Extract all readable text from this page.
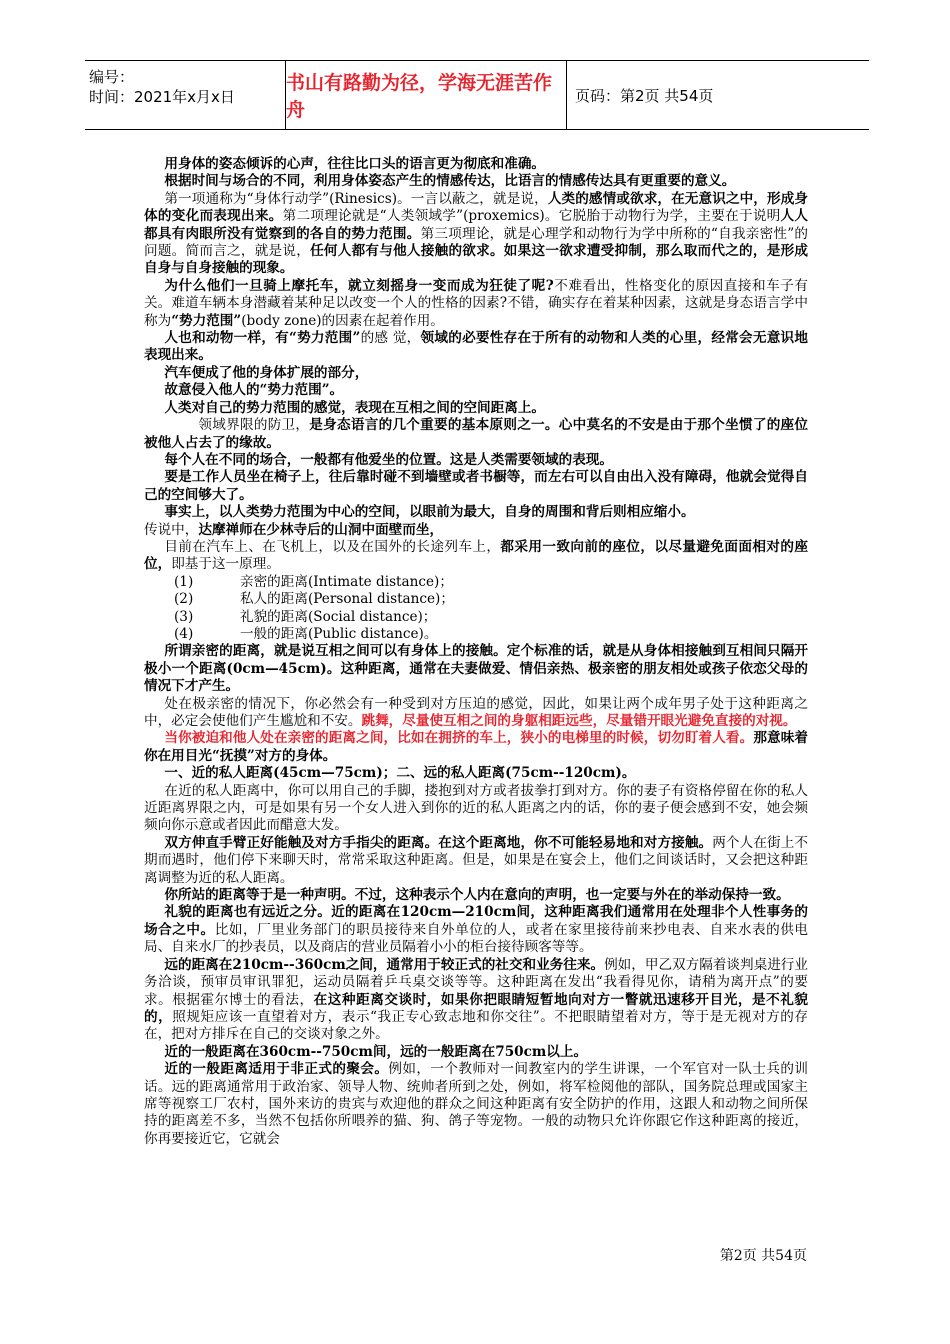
编号：
时间：2021年x月x日
书山有路勤为径，学海无涯苦作舟
页码：第2页 共54页

用身体的姿态倾诉的心声，往往比口头的语言更为彻底和准确。

根据时间与场合的不同，利用身体姿态产生的情感传达，比语言的情感传达具有更重要的意义。

第一项通称为“身体行动学”(Rinesics)。一言以蔽之，就是说，人类的感情或欲求，在无意识之中，形成身体的变化而表现出来。第二项理论就是“人类领域学”(proxemics)。它脱胎于动物行为学，主要在于说明人人都具有肉眼所没有觉察到的各自的势力范围。第三项理论，就是心理学和动物行为学中所称的“自我亲密性”的问题。简而言之，就是说，任何人都有与他人接触的欲求。如果这一欲求遭受抑制，那么取而代之的，是形成自身与自身接触的现象。

为什么他们一旦骑上摩托车，就立刻摇身一变而成为狂徒了呢?不难看出，性格变化的原因直接和车子有关。难道车辆本身潜藏着某种足以改变一个人的性格的因素?不错，确实存在着某种因素，这就是身态语言学中称为“势力范围”(body zone)的因素在起着作用。

人也和动物一样，有“势力范围”的感 觉，领域的必要性存在于所有的动物和人类的心里，经常会无意识地表现出来。

汽车便成了他的身体扩展的部分，

故意侵入他人的“势力范围”。

人类对自己的势力范围的感觉，表现在互相之间的空间距离上。

领域界限的防卫，是身态语言的几个重要的基本原则之一。心中莫名的不安是由于那个坐惯了的座位被他人占去了的缘故。

每个人在不同的场合，一般都有他爱坐的位置。这是人类需要领域的表现。

要是工作人员坐在椅子上，往后靠时碰不到墙壁或者书橱等，而左右可以自由出入没有障碍，他就会觉得自己的空间够大了。

事实上，以人类势力范围为中心的空间，以眼前为最大，自身的周围和背后则相应缩小。

传说中，达摩禅师在少林寺后的山洞中面壁而坐，

目前在汽车上、在飞机上，以及在国外的长途列车上，都采用一致向前的座位，以尽量避免面面相对的座位，即基于这一原理。

(1)	亲密的距离(Intimate distance)；

(2)	私人的距离(Personal distance)；

(3)	礼貌的距离(Social distance)；

(4)	一般的距离(Public distance)。

所谓亲密的距离，就是说互相之间可以有身体上的接触。定个标准的话，就是从身体相接触到互相间只隔开极小一个距离(0cm—45cm)。这种距离，通常在夫妻做爱、情侣亲热、极亲密的朋友相处或孩子依恋父母的情况下才产生。

处在极亲密的情况下，你必然会有一种受到对方压迫的感觉，因此，如果让两个成年男子处于这种距离之中，必定会使他们产生尴尬和不安。跳舞，尽量使互相之间的身躯相距远些，尽量错开眼光避免直接的对视。

当你被迫和他人处在亲密的距离之间，比如在拥挤的车上，狭小的电梯里的时候，切勿盯着人看。那意味着你在用目光“抚摸”对方的身体。

一、近的私人距离(45cm—75cm)；二、远的私人距离(75cm--120cm)。

在近的私人距离中，你可以用自己的手脚，搂抱到对方或者拔拳打到对方。你的妻子有资格停留在你的私人近距离界限之内，可是如果有另一个女人进入到你的近的私人距离之内的话，你的妻子便会感到不安，她会频频向你示意或者因此而醋意大发。

双方伸直手臂正好能触及对方手指尖的距离。在这个距离地，你不可能轻易地和对方接触。两个人在街上不期而遇时，他们停下来聊天时，常常采取这种距离。但是，如果是在宴会上，他们之间谈话时，又会把这种距离调整为近的私人距离。

你所站的距离等于是一种声明。不过，这种表示个人内在意向的声明，也一定要与外在的举动保持一致。

礼貌的距离也有远近之分。近的距离在120cm—210cm间，这种距离我们通常用在处理非个人性事务的场合之中。比如，厂里业务部门的职员接待来自外单位的人，或者在家里接待前来抄电表、自来水表的供电局、自来水厂的抄表员，以及商店的营业员隔着小小的柜台接待顾客等等。

远的距离在210cm--360cm之间，通常用于较正式的社交和业务往来。例如，甲乙双方隔着谈判桌进行业务洽谈，预审员审讯罪犯，运动员隔着乒乓桌交谈等等。这种距离在发出“我看得见你，请稍为离开点”的要求。根据霍尔博士的看法，在这种距离交谈时，如果你把眼睛短暂地向对方一瞥就迅速移开目光，是不礼貌的，照规矩应该一直望着对方，表示“我正专心致志地和你交往”。不把眼睛望着对方，等于是无视对方的存在，把对方排斥在自己的交谈对象之外。

近的一般距离在360cm--750cm间，远的一般距离在750cm以上。

近的一般距离适用于非正式的聚会。例如，一个教师对一间教室内的学生讲课，一个军官对一队士兵的训话。远的距离通常用于政治家、领导人物、统帅者所到之处，例如，将军检阅他的部队，国务院总理或国家主席等视察工厂农村，国外来访的贵宾与欢迎他的群众之间这种距离有安全防护的作用，这跟人和动物之间所保持的距离差不多，当然不包括你所喂养的猫、狗、鸽子等宠物。一般的动物只允许你跟它作这种距离的接近，你再要接近它，它就会

第2页 共54页
